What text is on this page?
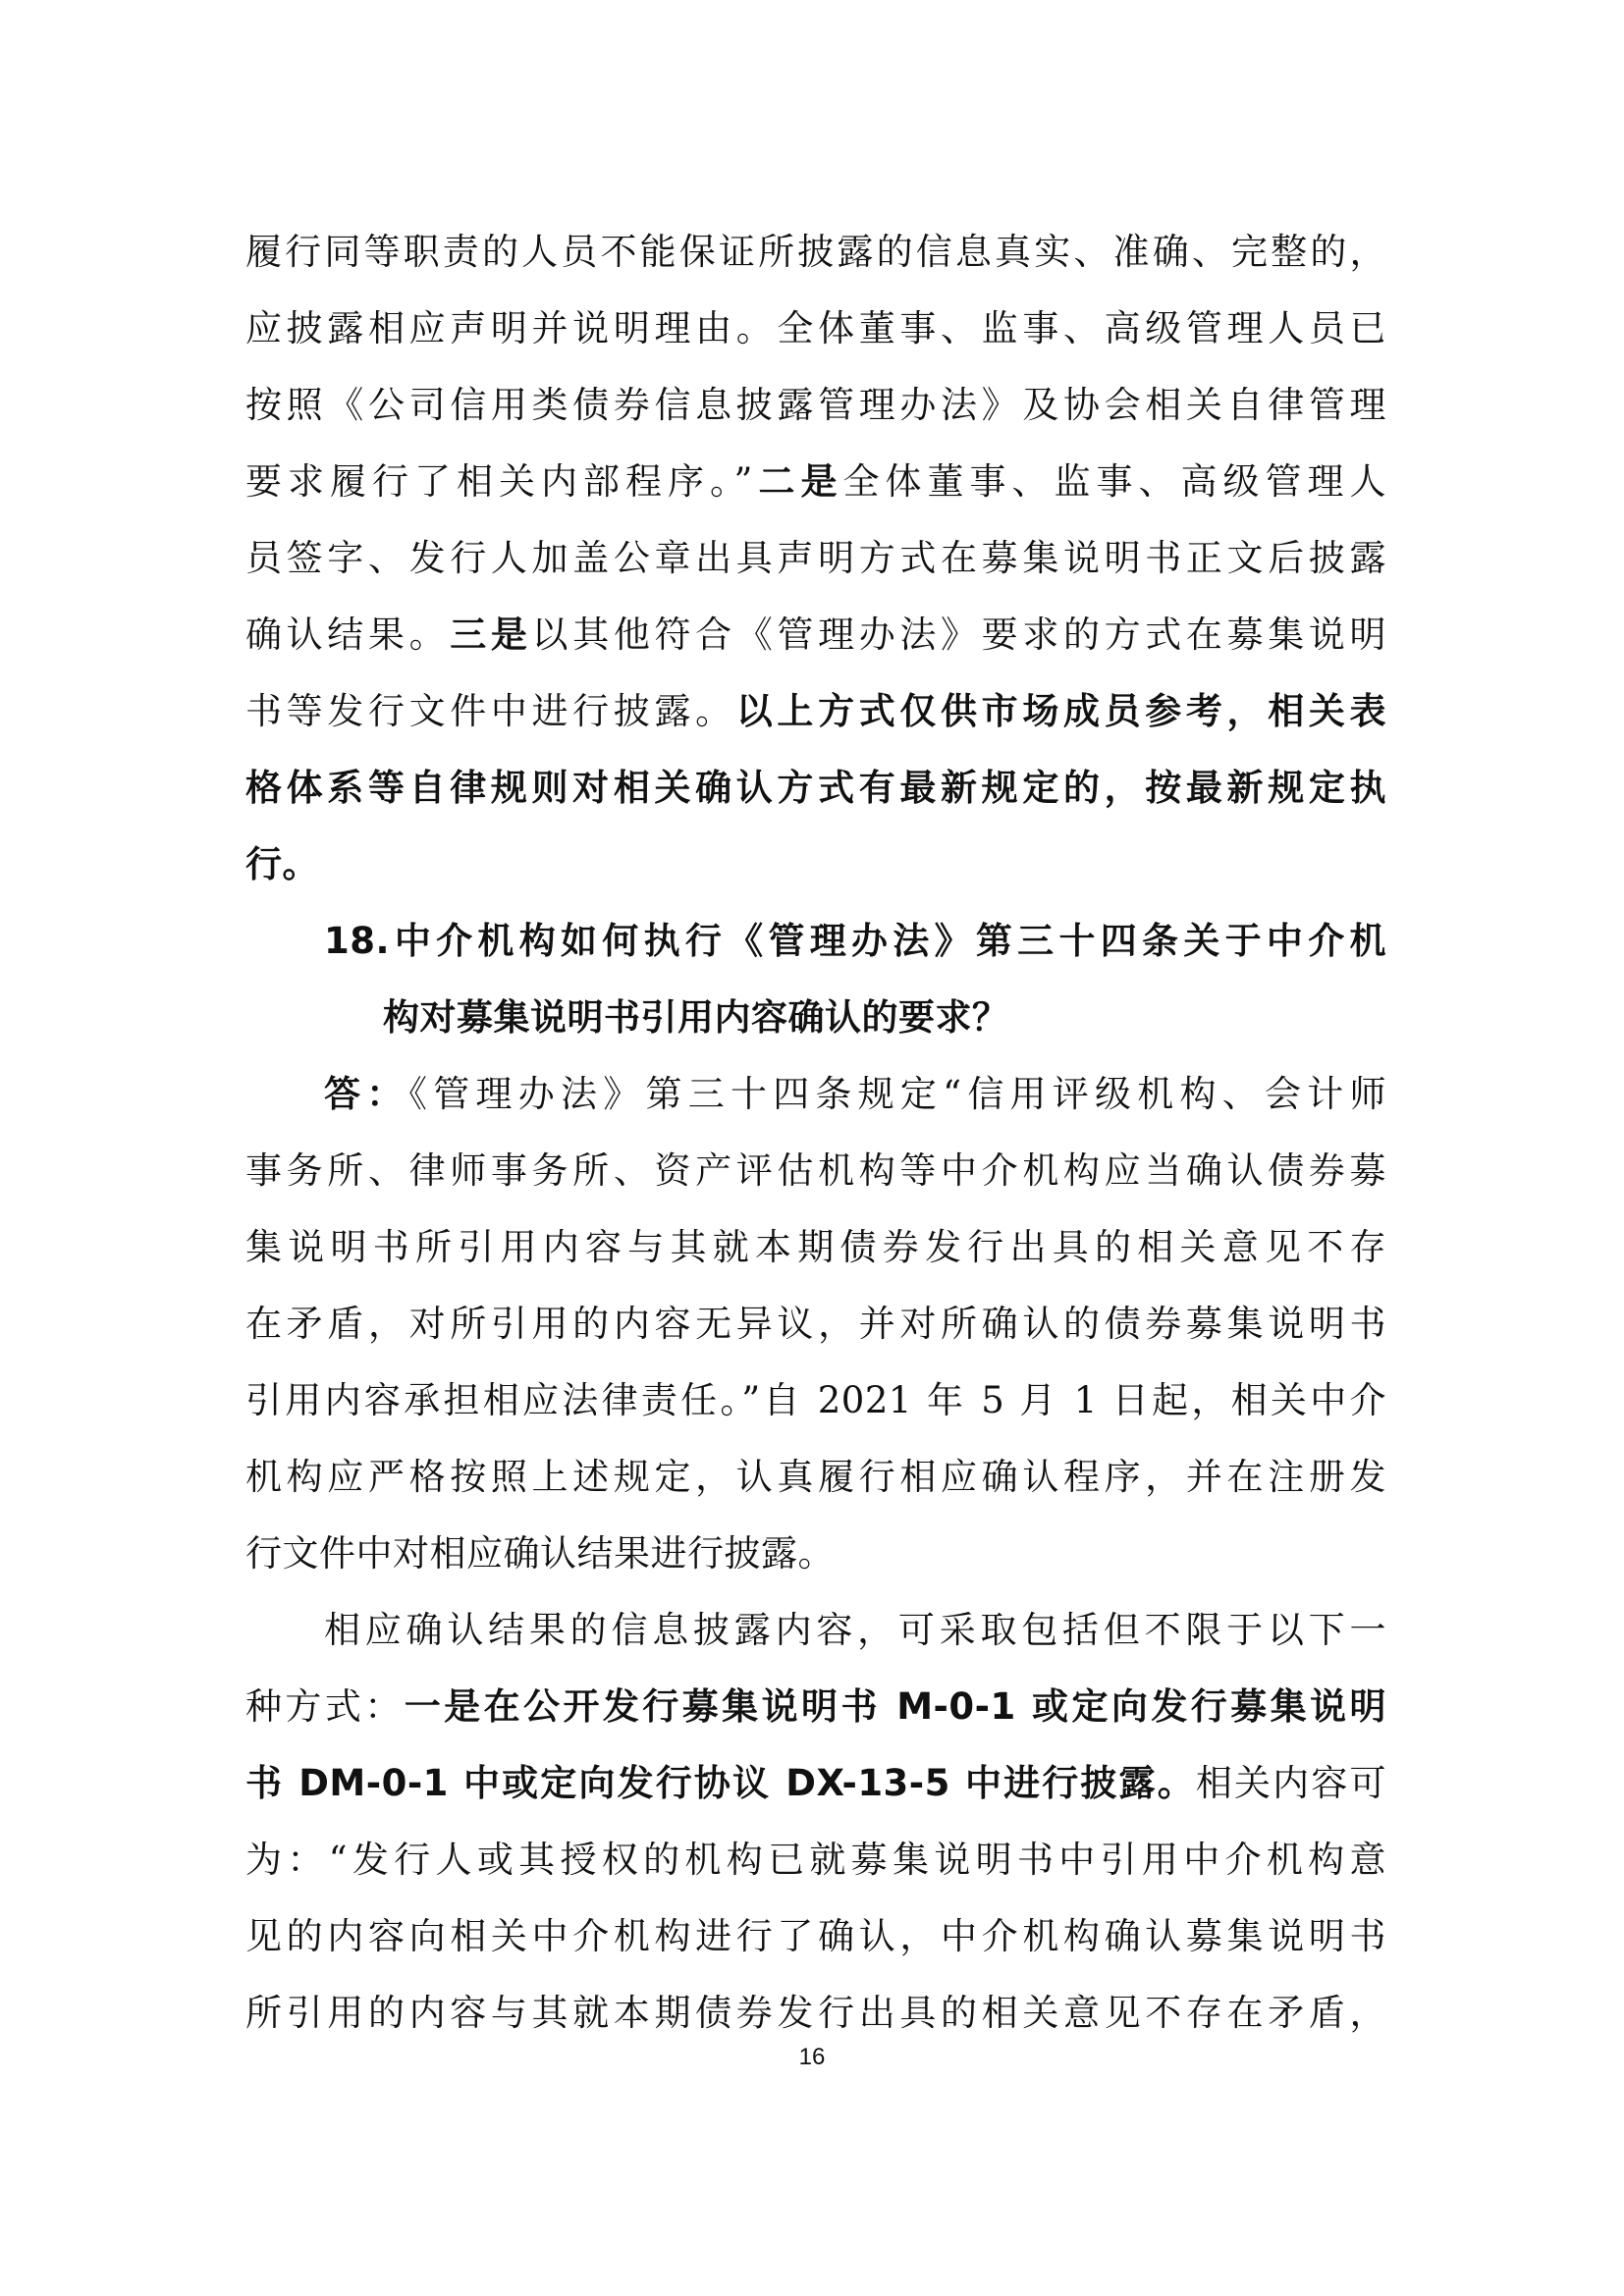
履行同等职责的人员不能保证所披露的信息真实、准确、完整的，
应披露相应声明并说明理由。全体董事、监事、高级管理人员已
按照《公司信用类债券信息披露管理办法》及协会相关自律管理
要求履行了相关内部程序。”二是全体董事、监事、高级管理人
员签字、发行人加盖公章出具声明方式在募集说明书正文后披露
确认结果。三是以其他符合《管理办法》要求的方式在募集说明
书等发行文件中进行披露。以上方式仅供市场成员参考，相关表
格体系等自律规则对相关确认方式有最新规定的，按最新规定执
行。
18.中介机构如何执行《管理办法》第三十四条关于中介机
构对募集说明书引用内容确认的要求？
答：《管理办法》第三十四条规定“信用评级机构、会计师
事务所、律师事务所、资产评估机构等中介机构应当确认债券募
集说明书所引用内容与其就本期债券发行出具的相关意见不存
在矛盾，对所引用的内容无异议，并对所确认的债券募集说明书
引用内容承担相应法律责任。”自 2021 年 5 月 1 日起，相关中介
机构应严格按照上述规定，认真履行相应确认程序，并在注册发
行文件中对相应确认结果进行披露。
相应确认结果的信息披露内容，可采取包括但不限于以下一
种方式：一是在公开发行募集说明书 M-0-1 或定向发行募集说明
书 DM-0-1 中或定向发行协议 DX-13-5 中进行披露。相关内容可
为：“发行人或其授权的机构已就募集说明书中引用中介机构意
见的内容向相关中介机构进行了确认，中介机构确认募集说明书
所引用的内容与其就本期债券发行出具的相关意见不存在矛盾，
16
